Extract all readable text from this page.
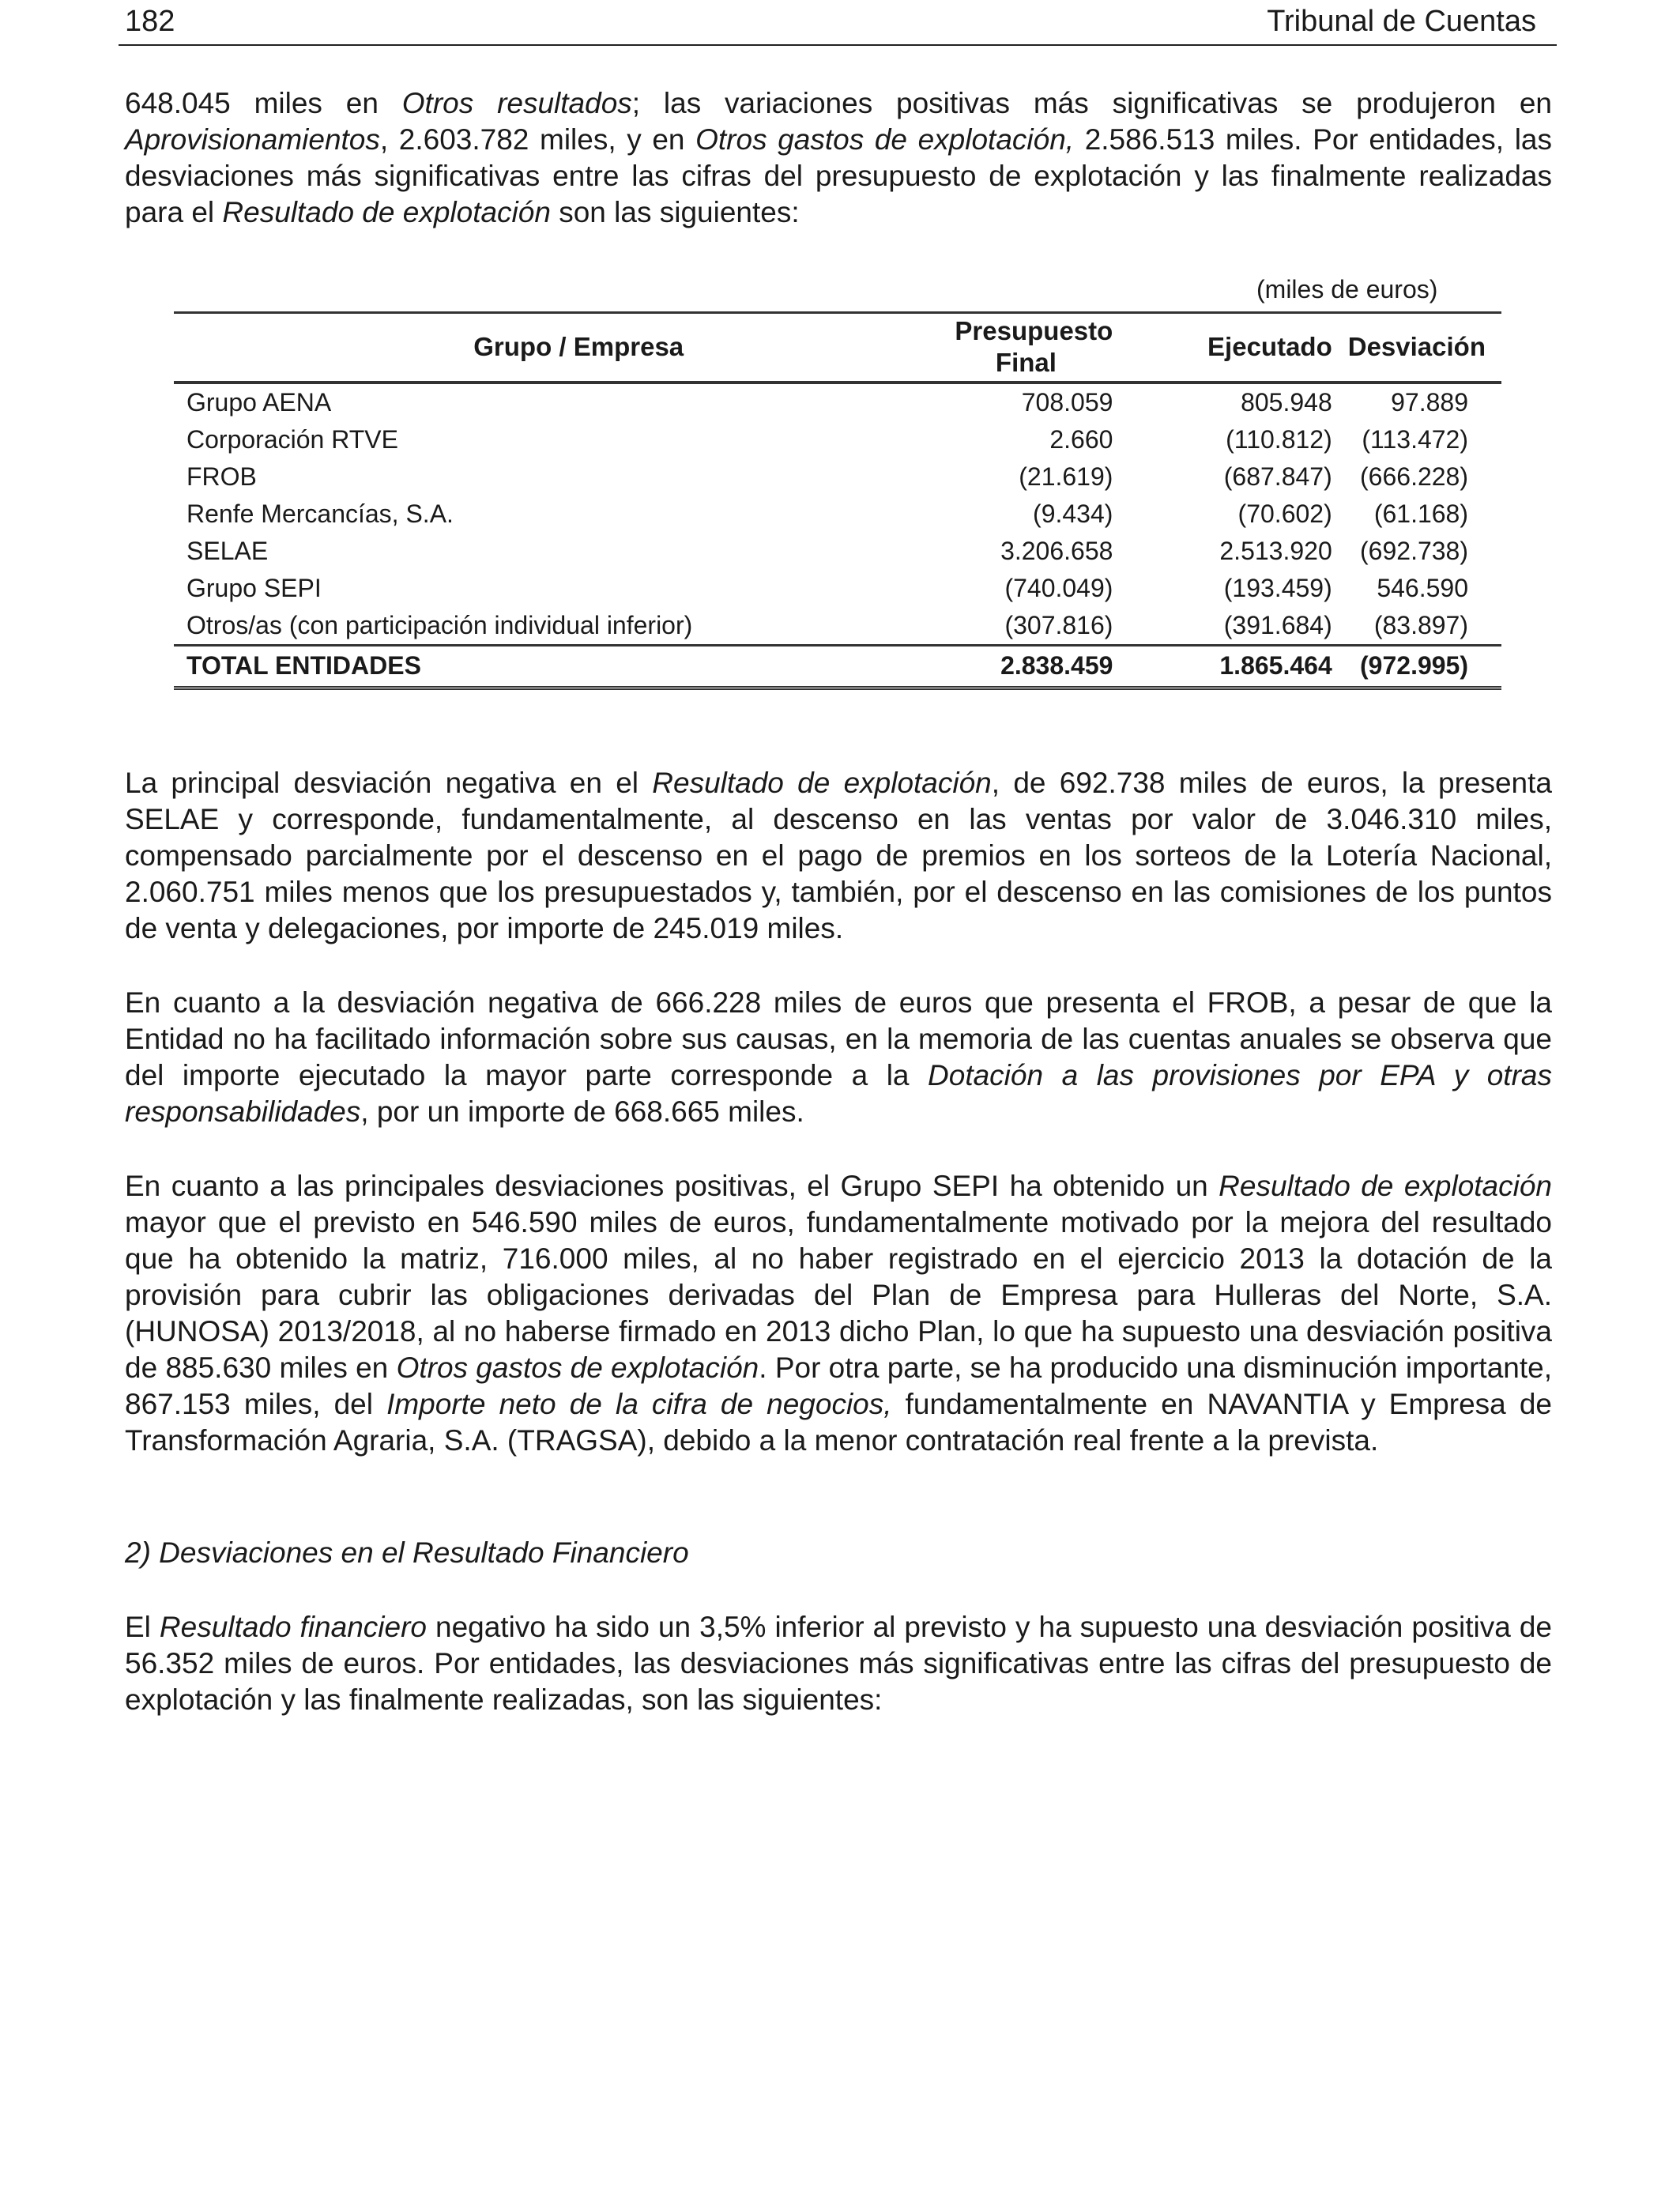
182	Tribunal de Cuentas

648.045 miles en Otros resultados; las variaciones positivas más significativas se produjeron en Aprovisionamientos, 2.603.782 miles, y en Otros gastos de explotación, 2.586.513 miles. Por entidades, las desviaciones más significativas entre las cifras del presupuesto de explotación y las finalmente realizadas para el Resultado de explotación son las siguientes:

(miles de euros)
Grupo / Empresa	Presupuesto Final	Ejecutado	Desviación
Grupo AENA	708.059	805.948	97.889
Corporación RTVE	2.660	(110.812)	(113.472)
FROB	(21.619)	(687.847)	(666.228)
Renfe Mercancías, S.A.	(9.434)	(70.602)	(61.168)
SELAE	3.206.658	2.513.920	(692.738)
Grupo SEPI	(740.049)	(193.459)	546.590
Otros/as (con participación individual inferior)	(307.816)	(391.684)	(83.897)
TOTAL ENTIDADES	2.838.459	1.865.464	(972.995)

La principal desviación negativa en el Resultado de explotación, de 692.738 miles de euros, la presenta SELAE y corresponde, fundamentalmente, al descenso en las ventas por valor de 3.046.310 miles, compensado parcialmente por el descenso en el pago de premios en los sorteos de la Lotería Nacional, 2.060.751 miles menos que los presupuestados y, también, por el descenso en las comisiones de los puntos de venta y delegaciones, por importe de 245.019 miles.

En cuanto a la desviación negativa de 666.228 miles de euros que presenta el FROB, a pesar de que la Entidad no ha facilitado información sobre sus causas, en la memoria de las cuentas anuales se observa que del importe ejecutado la mayor parte corresponde a la Dotación a las provisiones por EPA y otras responsabilidades, por un importe de 668.665 miles.

En cuanto a las principales desviaciones positivas, el Grupo SEPI ha obtenido un Resultado de explotación mayor que el previsto en 546.590 miles de euros, fundamentalmente motivado por la mejora del resultado que ha obtenido la matriz, 716.000 miles, al no haber registrado en el ejercicio 2013 la dotación de la provisión para cubrir las obligaciones derivadas del Plan de Empresa para Hulleras del Norte, S.A. (HUNOSA) 2013/2018, al no haberse firmado en 2013 dicho Plan, lo que ha supuesto una desviación positiva de 885.630 miles en Otros gastos de explotación. Por otra parte, se ha producido una disminución importante, 867.153 miles, del Importe neto de la cifra de negocios, fundamentalmente en NAVANTIA y Empresa de Transformación Agraria, S.A. (TRAGSA), debido a la menor contratación real frente a la prevista.

2) Desviaciones en el Resultado Financiero

El Resultado financiero negativo ha sido un 3,5% inferior al previsto y ha supuesto una desviación positiva de 56.352 miles de euros. Por entidades, las desviaciones más significativas entre las cifras del presupuesto de explotación y las finalmente realizadas, son las siguientes:
